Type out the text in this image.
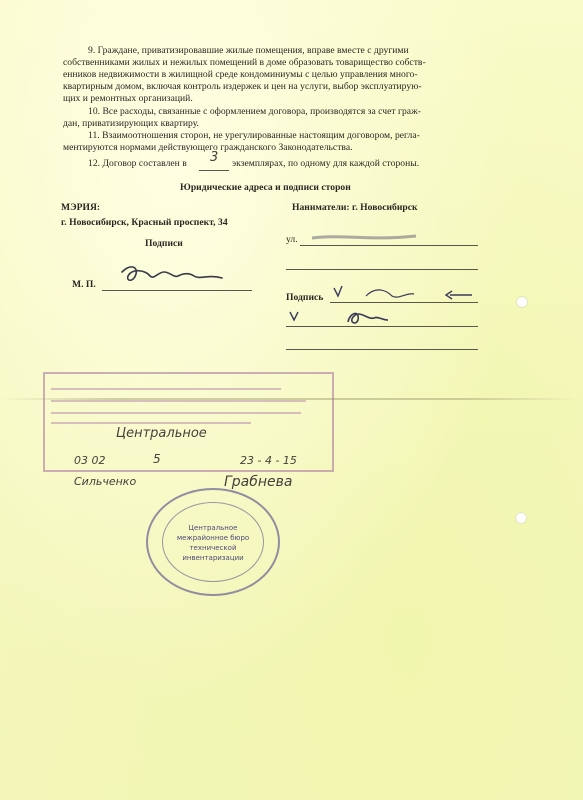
9. Граждане, приватизировавшие жилые помещения, вправе вместе с другими
собственниками жилых и нежилых помещений в доме образовать товарищество собств-
енников недвижимости в жилищной среде кондоминиумы с целью управления много-
квартирным домом, включая контроль издержек и цен на услуги, выбор эксплуатирую-
щих и ремонтных организаций.
10. Все расходы, связанные с оформлением договора, производятся за счет граж-
дан, приватизирующих квартиру.
11. Взаимоотношения сторон, не урегулированные настоящим договором, регла-
ментируются нормами действующего гражданского Законодательства.
12. Договор составлен в 3 экземплярах, по одному для каждой стороны.
Юридические адреса и подписи сторон
МЭРИЯ:
г. Новосибирск, Красный проспект, 34
Подписи
М. П.
Наниматели: г. Новосибирск
ул.
Подпись
Центральное
03 02	5	23 - 4 - 15
Сильченко	Грабнева
Центральное
межрайонное бюро
технической
инвентаризации
